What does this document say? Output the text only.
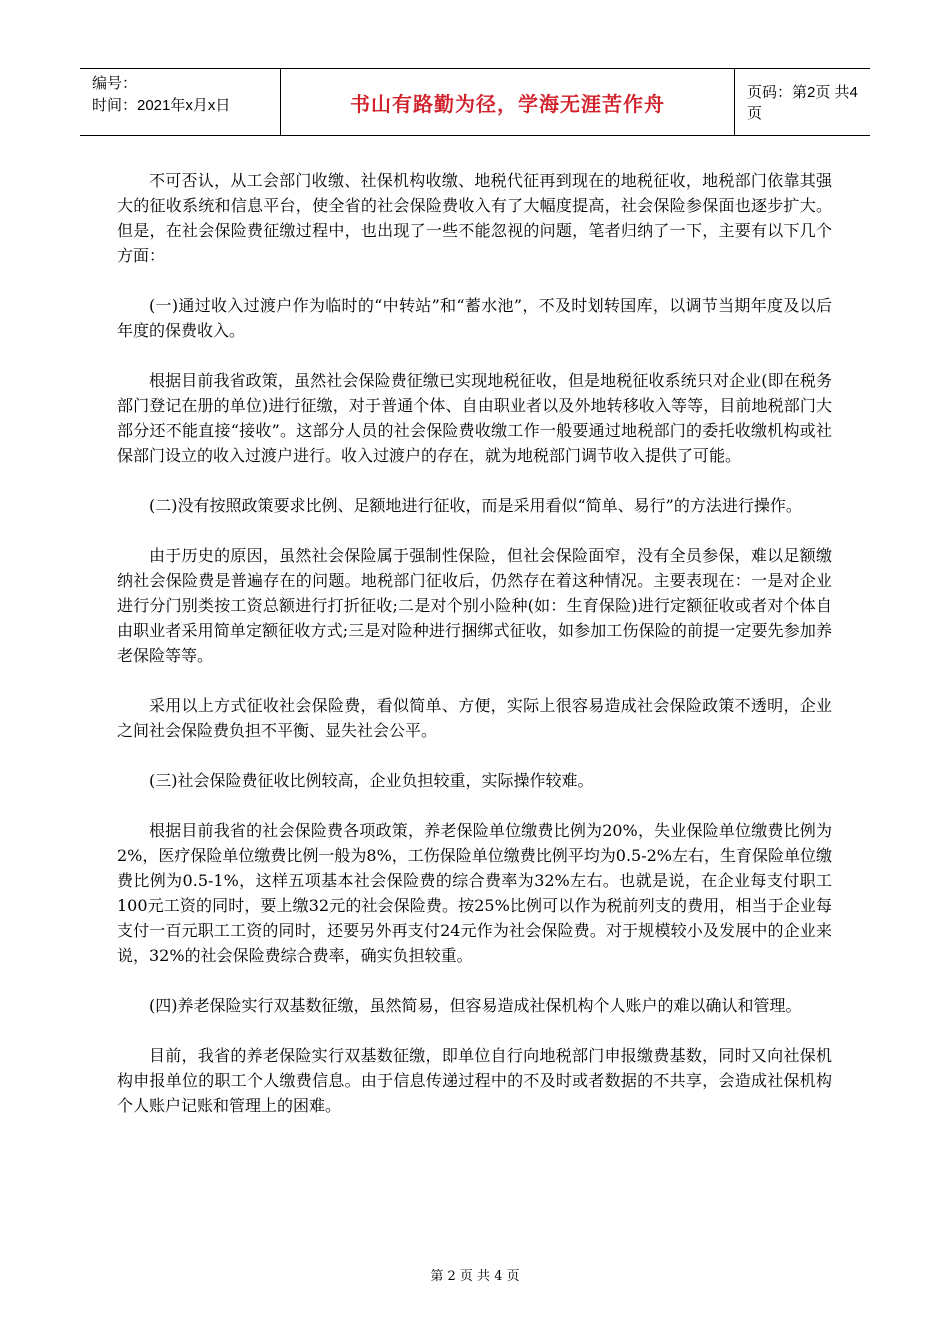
编号：
时间：2021年x月x日	书山有路勤为径，学海无涯苦作舟	页码：第2页 共4页

不可否认，从工会部门收缴、社保机构收缴、地税代征再到现在的地税征收，地税部门依靠其强大的征收系统和信息平台，使全省的社会保险费收入有了大幅度提高，社会保险参保面也逐步扩大。但是，在社会保险费征缴过程中，也出现了一些不能忽视的问题，笔者归纳了一下，主要有以下几个方面：

(一)通过收入过渡户作为临时的“中转站”和“蓄水池”，不及时划转国库，以调节当期年度及以后年度的保费收入。

根据目前我省政策，虽然社会保险费征缴已实现地税征收，但是地税征收系统只对企业(即在税务部门登记在册的单位)进行征缴，对于普通个体、自由职业者以及外地转移收入等等，目前地税部门大部分还不能直接“接收”。这部分人员的社会保险费收缴工作一般要通过地税部门的委托收缴机构或社保部门设立的收入过渡户进行。收入过渡户的存在，就为地税部门调节收入提供了可能。

(二)没有按照政策要求比例、足额地进行征收，而是采用看似“简单、易行”的方法进行操作。

由于历史的原因，虽然社会保险属于强制性保险，但社会保险面窄，没有全员参保，难以足额缴纳社会保险费是普遍存在的问题。地税部门征收后，仍然存在着这种情况。主要表现在：一是对企业进行分门别类按工资总额进行打折征收;二是对个别小险种(如：生育保险)进行定额征收或者对个体自由职业者采用简单定额征收方式;三是对险种进行捆绑式征收，如参加工伤保险的前提一定要先参加养老保险等等。

采用以上方式征收社会保险费，看似简单、方便，实际上很容易造成社会保险政策不透明，企业之间社会保险费负担不平衡、显失社会公平。

(三)社会保险费征收比例较高，企业负担较重，实际操作较难。

根据目前我省的社会保险费各项政策，养老保险单位缴费比例为20%，失业保险单位缴费比例为2%，医疗保险单位缴费比例一般为8%，工伤保险单位缴费比例平均为0.5-2%左右，生育保险单位缴费比例为0.5-1%，这样五项基本社会保险费的综合费率为32%左右。也就是说，在企业每支付职工100元工资的同时，要上缴32元的社会保险费。按25%比例可以作为税前列支的费用，相当于企业每支付一百元职工工资的同时，还要另外再支付24元作为社会保险费。对于规模较小及发展中的企业来说，32%的社会保险费综合费率，确实负担较重。

(四)养老保险实行双基数征缴，虽然简易，但容易造成社保机构个人账户的难以确认和管理。

目前，我省的养老保险实行双基数征缴，即单位自行向地税部门申报缴费基数，同时又向社保机构申报单位的职工个人缴费信息。由于信息传递过程中的不及时或者数据的不共享，会造成社保机构个人账户记账和管理上的困难。

第 2 页 共 4 页
